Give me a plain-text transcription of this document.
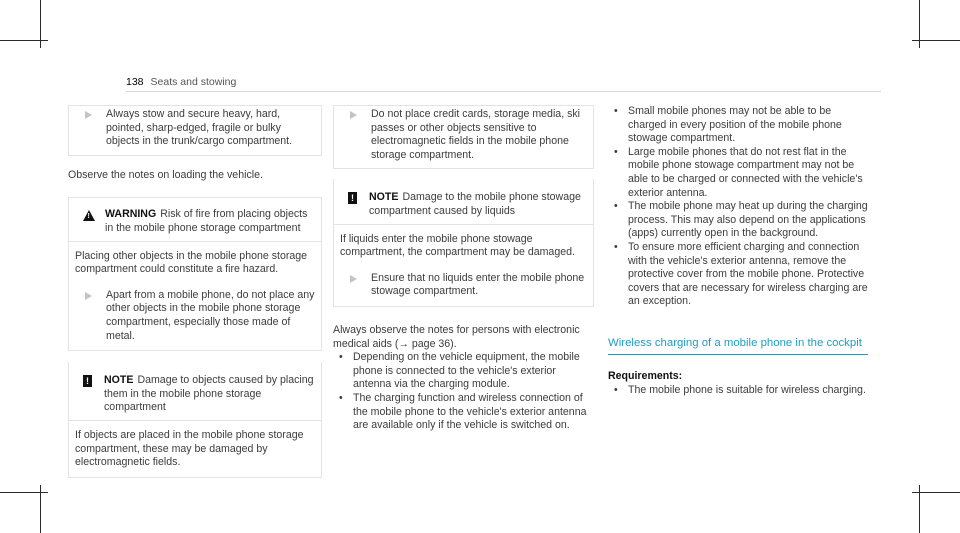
138 Seats and stowing

Always stow and secure heavy, hard, pointed, sharp-edged, fragile or bulky objects in the trunk/cargo compartment.

Observe the notes on loading the vehicle.

! WARNING Risk of fire from placing objects in the mobile phone storage compartment

Placing other objects in the mobile phone storage compartment could constitute a fire hazard.

Apart from a mobile phone, do not place any other objects in the mobile phone storage compartment, especially those made of metal.

! NOTE Damage to objects caused by placing them in the mobile phone storage compartment

If objects are placed in the mobile phone storage compartment, these may be damaged by electromagnetic fields.

Do not place credit cards, storage media, ski passes or other objects sensitive to electromagnetic fields in the mobile phone storage compartment.

! NOTE Damage to the mobile phone stowage compartment caused by liquids

If liquids enter the mobile phone stowage compartment, the compartment may be damaged.

Ensure that no liquids enter the mobile phone stowage compartment.

Always observe the notes for persons with electronic medical aids (→ page 36).

• Depending on the vehicle equipment, the mobile phone is connected to the vehicle's exterior antenna via the charging module.
• The charging function and wireless connection of the mobile phone to the vehicle's exterior antenna are available only if the vehicle is switched on.
• Small mobile phones may not be able to be charged in every position of the mobile phone stowage compartment.
• Large mobile phones that do not rest flat in the mobile phone stowage compartment may not be able to be charged or connected with the vehicle's exterior antenna.
• The mobile phone may heat up during the charging process. This may also depend on the applications (apps) currently open in the background.
• To ensure more efficient charging and connection with the vehicle's exterior antenna, remove the protective cover from the mobile phone. Protective covers that are necessary for wireless charging are an exception.
Wireless charging of a mobile phone in the cockpit
Requirements:
• The mobile phone is suitable for wireless charging.
